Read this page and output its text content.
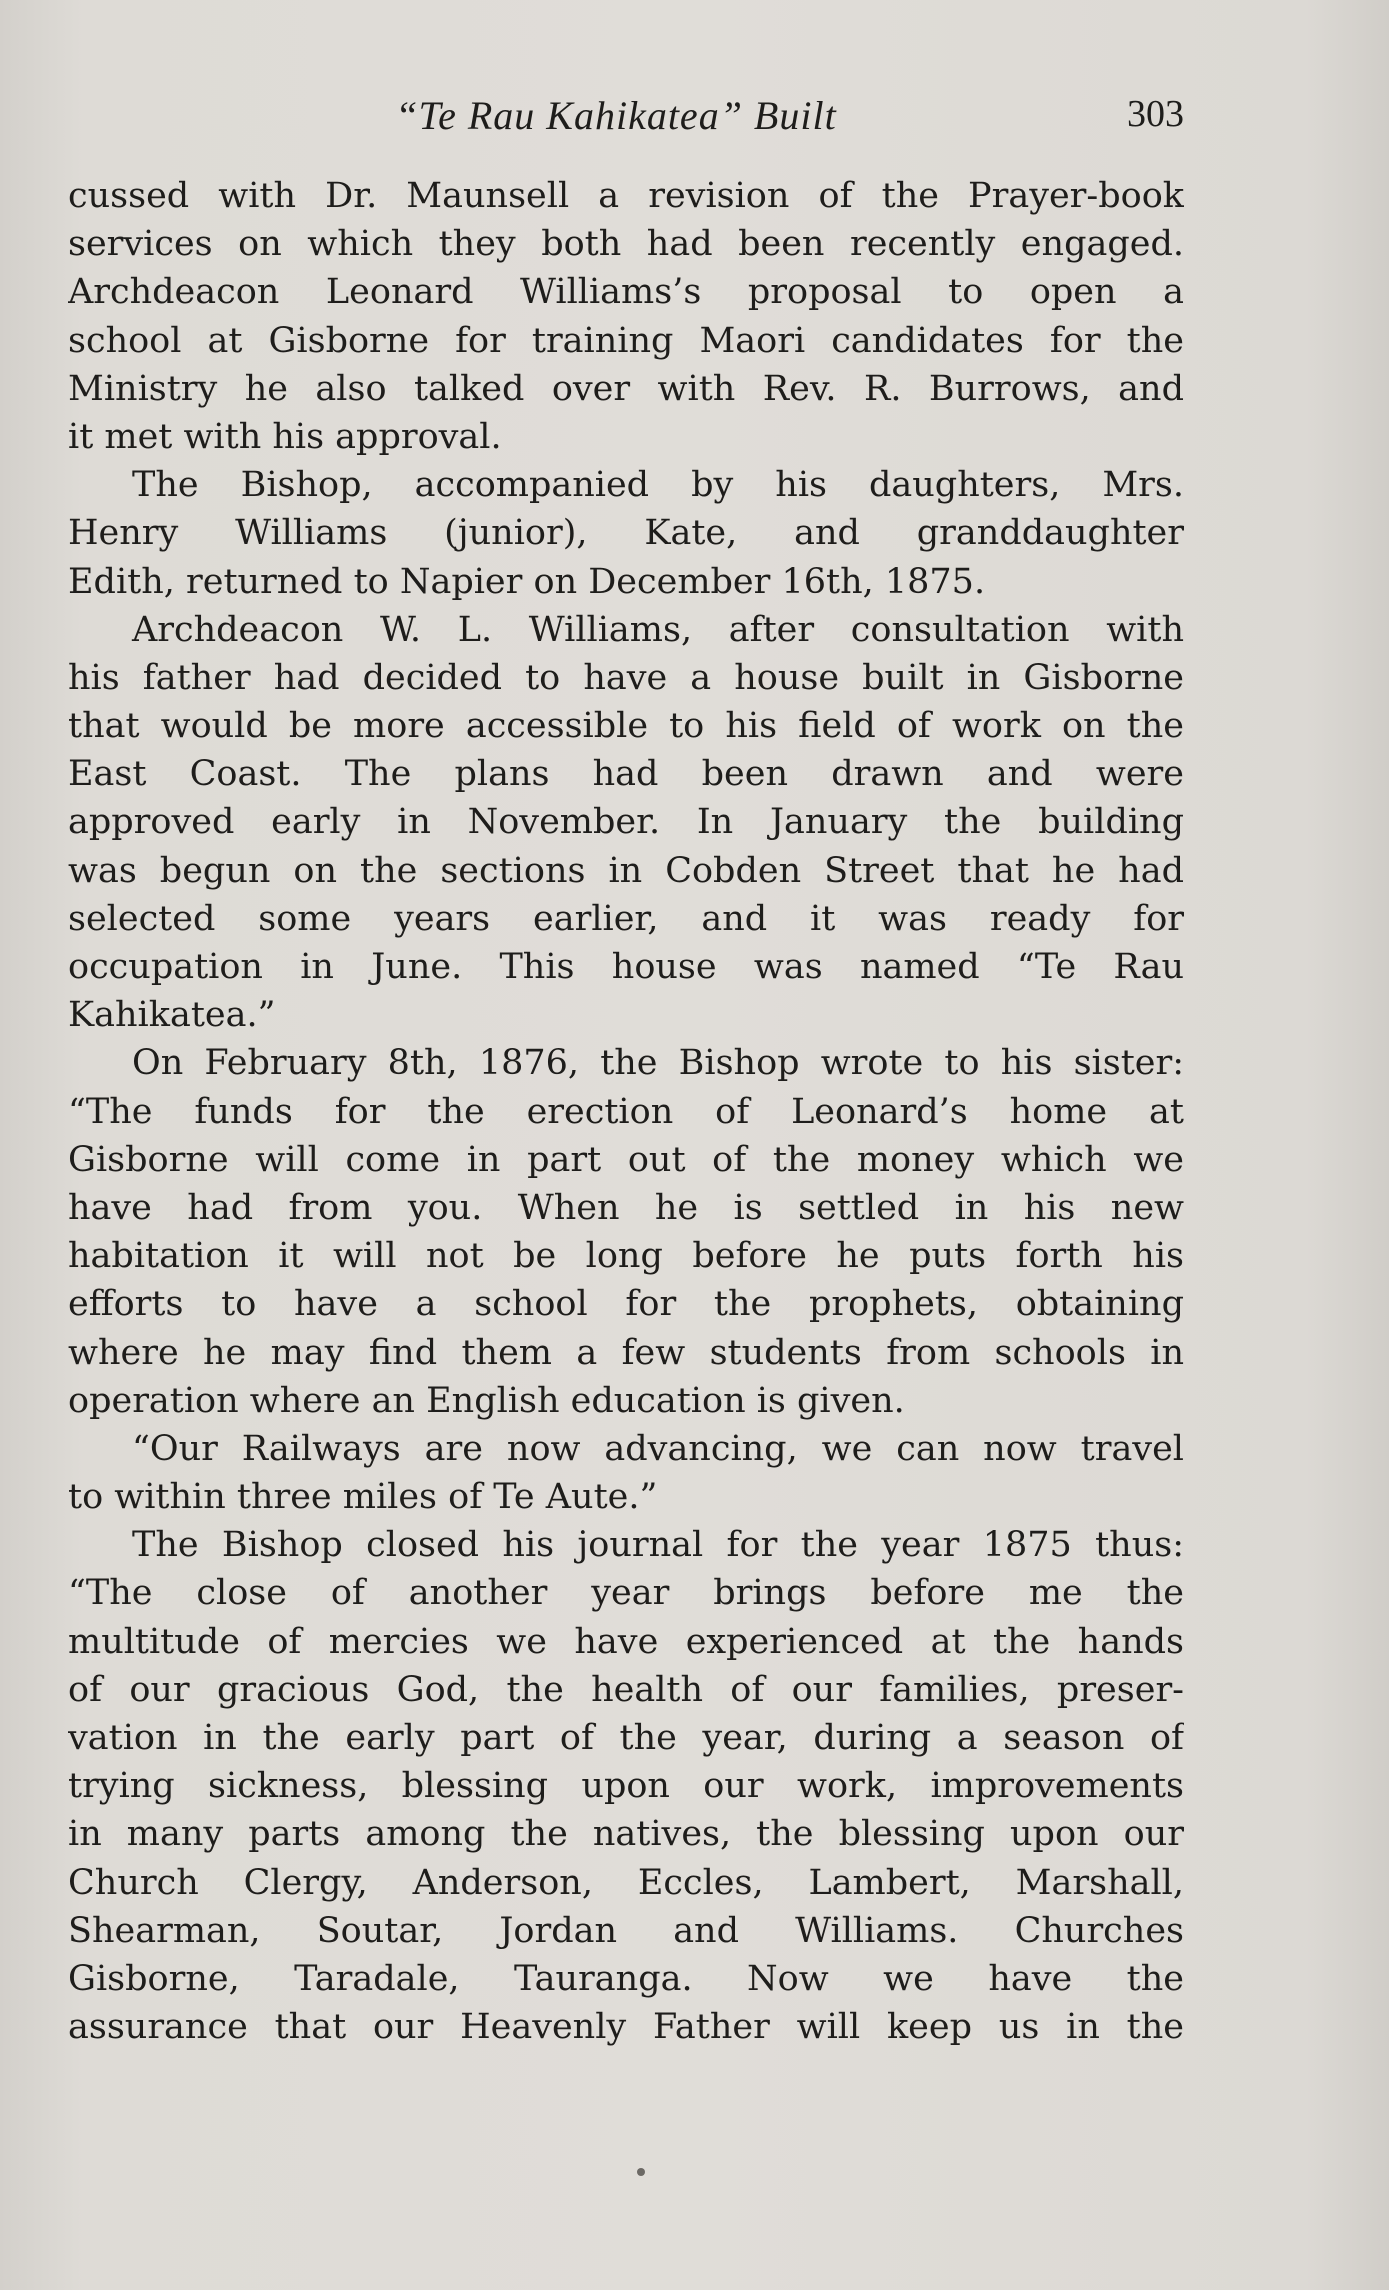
“Te Rau Kahikatea” Built	303
cussed with Dr. Maunsell a revision of the Prayer-book
services on which they both had been recently engaged.
Archdeacon Leonard Williams’s proposal to open a
school at Gisborne for training Maori candidates for the
Ministry he also talked over with Rev. R. Burrows, and
it met with his approval.
The Bishop, accompanied by his daughters, Mrs.
Henry Williams (junior), Kate, and granddaughter
Edith, returned to Napier on December 16th, 1875.
Archdeacon W. L. Williams, after consultation with
his father had decided to have a house built in Gisborne
that would be more accessible to his field of work on the
East Coast. The plans had been drawn and were
approved early in November. In January the building
was begun on the sections in Cobden Street that he had
selected some years earlier, and it was ready for
occupation in June. This house was named “Te Rau
Kahikatea.”
On February 8th, 1876, the Bishop wrote to his sister:
“The funds for the erection of Leonard’s home at
Gisborne will come in part out of the money which we
have had from you. When he is settled in his new
habitation it will not be long before he puts forth his
efforts to have a school for the prophets, obtaining
where he may find them a few students from schools in
operation where an English education is given.
“Our Railways are now advancing, we can now travel
to within three miles of Te Aute.”
The Bishop closed his journal for the year 1875 thus:
“The close of another year brings before me the
multitude of mercies we have experienced at the hands
of our gracious God, the health of our families, preser-
vation in the early part of the year, during a season of
trying sickness, blessing upon our work, improvements
in many parts among the natives, the blessing upon our
Church Clergy, Anderson, Eccles, Lambert, Marshall,
Shearman, Soutar, Jordan and Williams. Churches
Gisborne, Taradale, Tauranga. Now we have the
assurance that our Heavenly Father will keep us in the
